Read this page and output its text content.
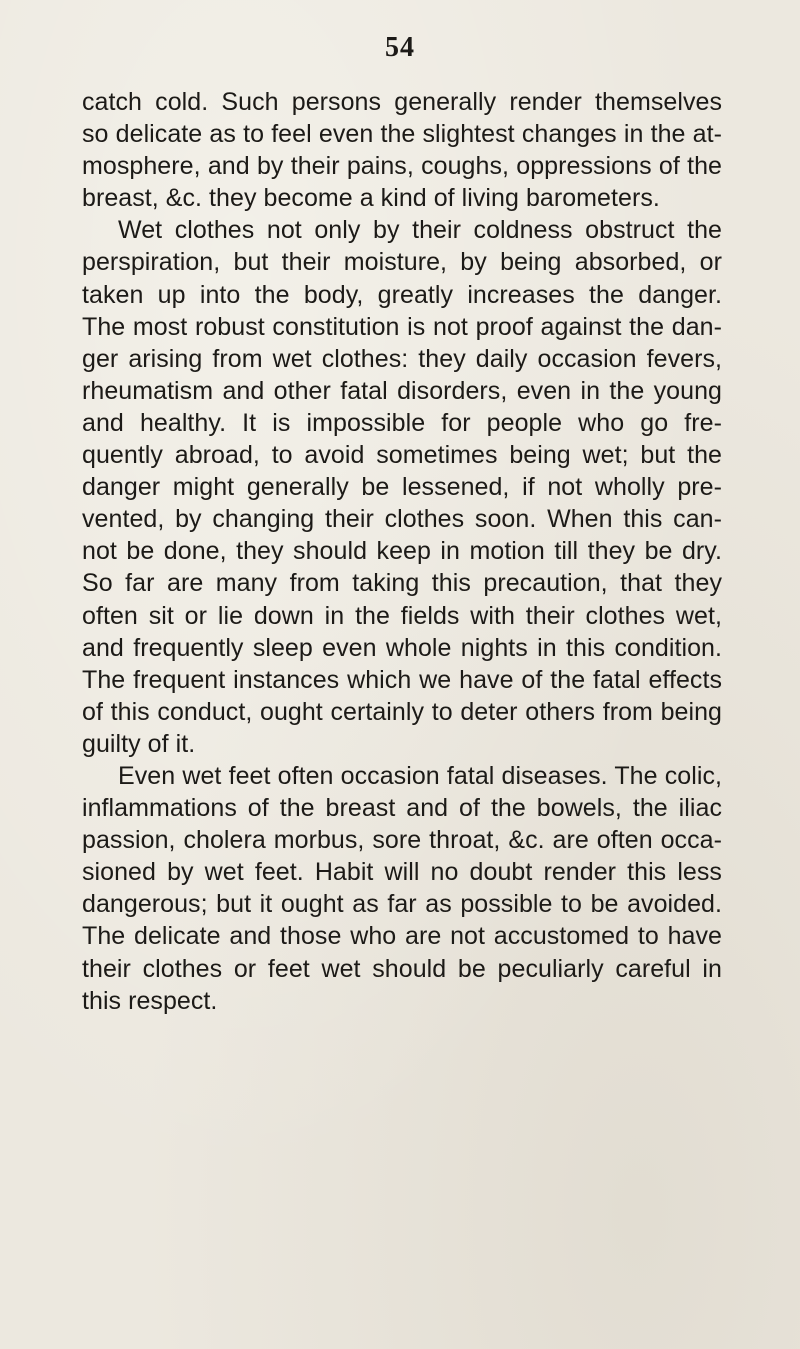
54
catch cold. Such persons generally render themselves
so delicate as to feel even the slightest changes in the at-
mosphere, and by their pains, coughs, oppressions of the
breast, &c. they become a kind of living barometers.
Wet clothes not only by their coldness obstruct the
perspiration, but their moisture, by being absorbed, or
taken up into the body, greatly increases the danger.
The most robust constitution is not proof against the dan-
ger arising from wet clothes: they daily occasion fevers,
rheumatism and other fatal disorders, even in the young
and healthy. It is impossible for people who go fre-
quently abroad, to avoid sometimes being wet; but the
danger might generally be lessened, if not wholly pre-
vented, by changing their clothes soon. When this can-
not be done, they should keep in motion till they be dry.
So far are many from taking this precaution, that they
often sit or lie down in the fields with their clothes wet,
and frequently sleep even whole nights in this condition.
The frequent instances which we have of the fatal effects
of this conduct, ought certainly to deter others from being
guilty of it.
Even wet feet often occasion fatal diseases. The colic,
inflammations of the breast and of the bowels, the iliac
passion, cholera morbus, sore throat, &c. are often occa-
sioned by wet feet. Habit will no doubt render this less
dangerous; but it ought as far as possible to be avoided.
The delicate and those who are not accustomed to have
their clothes or feet wet should be peculiarly careful in
this respect.
